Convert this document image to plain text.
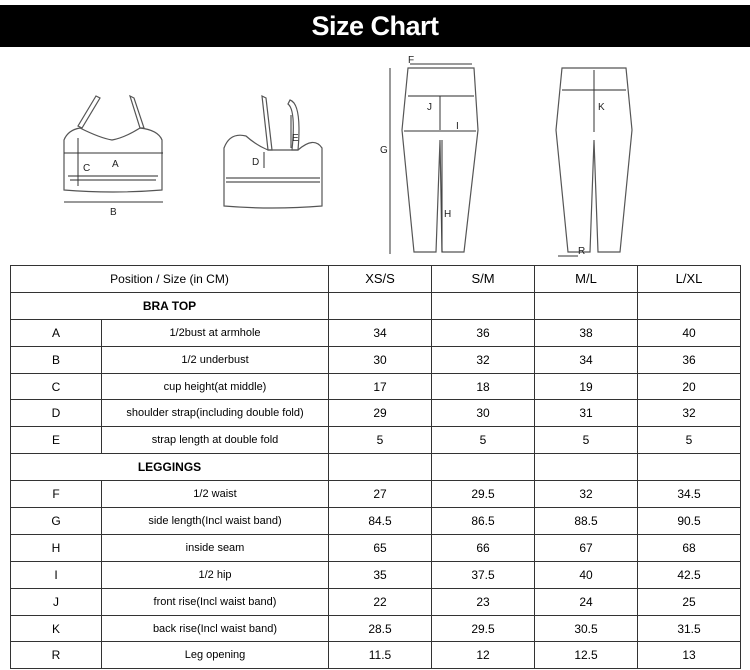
Size Chart
A
B
C
D
E
F
G
H
I
J	K
R
Position / Size (in CM)		XS/S	S/M	M/L	L/XL
BRA TOP					
A	1/2bust at armhole	34	36	38	40
B	1/2 underbust	30	32	34	36
C	cup height(at middle)	17	18	19	20
D	shoulder strap(including double fold)	29	30	31	32
E	strap length at double fold	5	5	5	5
LEGGINGS					
F	1/2 waist	27	29.5	32	34.5
G	side length(Incl waist band)	84.5	86.5	88.5	90.5
H	inside seam	65	66	67	68
I	1/2 hip	35	37.5	40	42.5
J	front rise(Incl waist band)	22	23	24	25
K	back rise(Incl waist band)	28.5	29.5	30.5	31.5
R	Leg opening	11.5	12	12.5	13
